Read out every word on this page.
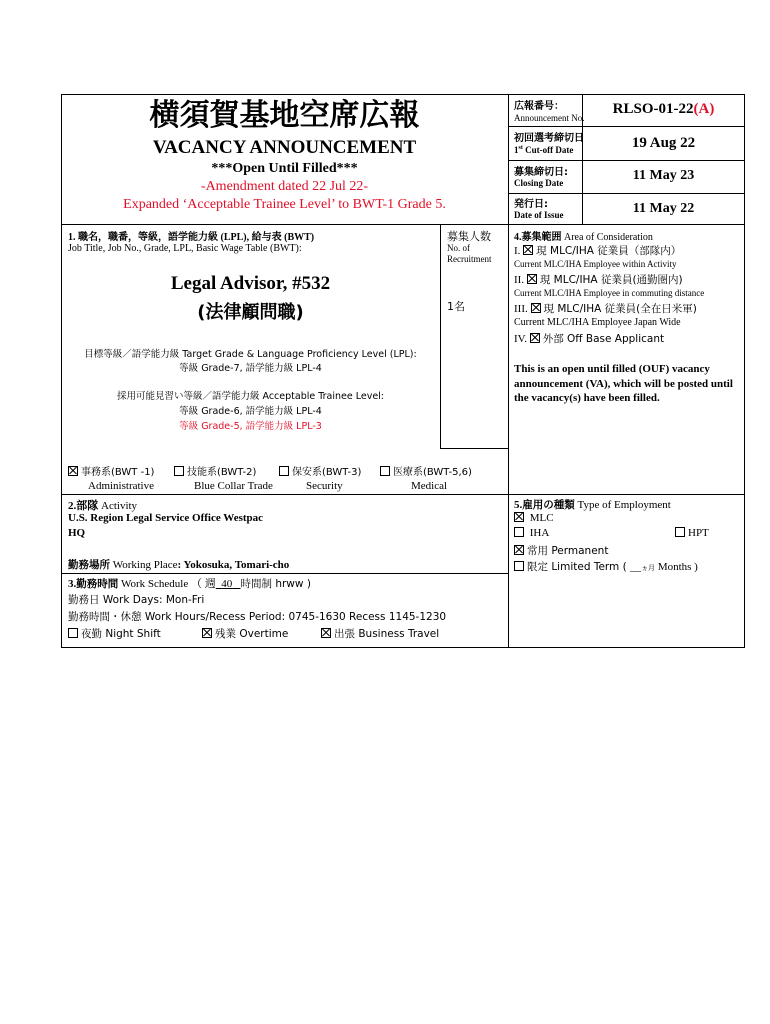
横須賀基地空席広報
VACANCY ANNOUNCEMENT
***Open Until Filled***
-Amendment dated 22 Jul 22-
Expanded ‘Acceptable Trainee Level’ to BWT-1 Grade 5.
広報番号：
Announcement No.
RLSO-01-22(A)
初回選考締切日
1st Cut-off Date	19 Aug 22
募集締切日:
Closing Date	11 May 23
発行日:
Date of Issue	11 May 22
1. 職名，職番，等級，語学能力級 (LPL), 給与表 (BWT)
Job Title, Job No., Grade, LPL, Basic Wage Table (BWT):
Legal Advisor, #532
(法律顧問職)
目標等級／語学能力級 Target Grade & Language Proficiency Level (LPL):
等級 Grade-7, 語学能力級 LPL-4
採用可能見習い等級／語学能力級 Acceptable Trainee Level:
等級 Grade-6, 語学能力級 LPL-4
等級 Grade-5, 語学能力級 LPL-3
募集人数
No. of
Recruitment
1名
事務系(BWT -1)
Administrative
技能系(BWT-2)
Blue Collar Trade
保安系(BWT-3)
Security
医療系(BWT-5,6)
Medical
4.募集範囲 Area of Consideration
I. 現 MLC/IHA 従業員（部隊内）
Current MLC/IHA Employee within Activity
II. 現 MLC/IHA 従業員(通勤圏内)
Current MLC/IHA Employee in commuting distance
III. 現 MLC/IHA 従業員(全在日米軍)
Current MLC/IHA Employee Japan Wide
IV. 外部 Off Base Applicant
This is an open until filled (OUF) vacancy announcement (VA), which will be posted until the vacancy(s) have been filled.
2.部隊 Activity
U.S. Region Legal Service Office Westpac
HQ
勤務場所 Working Place: Yokosuka, Tomari-cho
3.勤務時間 Work Schedule （ 週 40 時間制 hrww )
勤務日 Work Days: Mon-Fri
勤務時間・休憩 Work Hours/Recess Period: 0745-1630 Recess 1145-1230
夜勤 Night Shift	残業 Overtime	出張 Business Travel
5.雇用の種類 Type of Employment
MLC
IHA	HPT
常用 Permanent
限定 Limited Term ( __ヵ月 Months )
